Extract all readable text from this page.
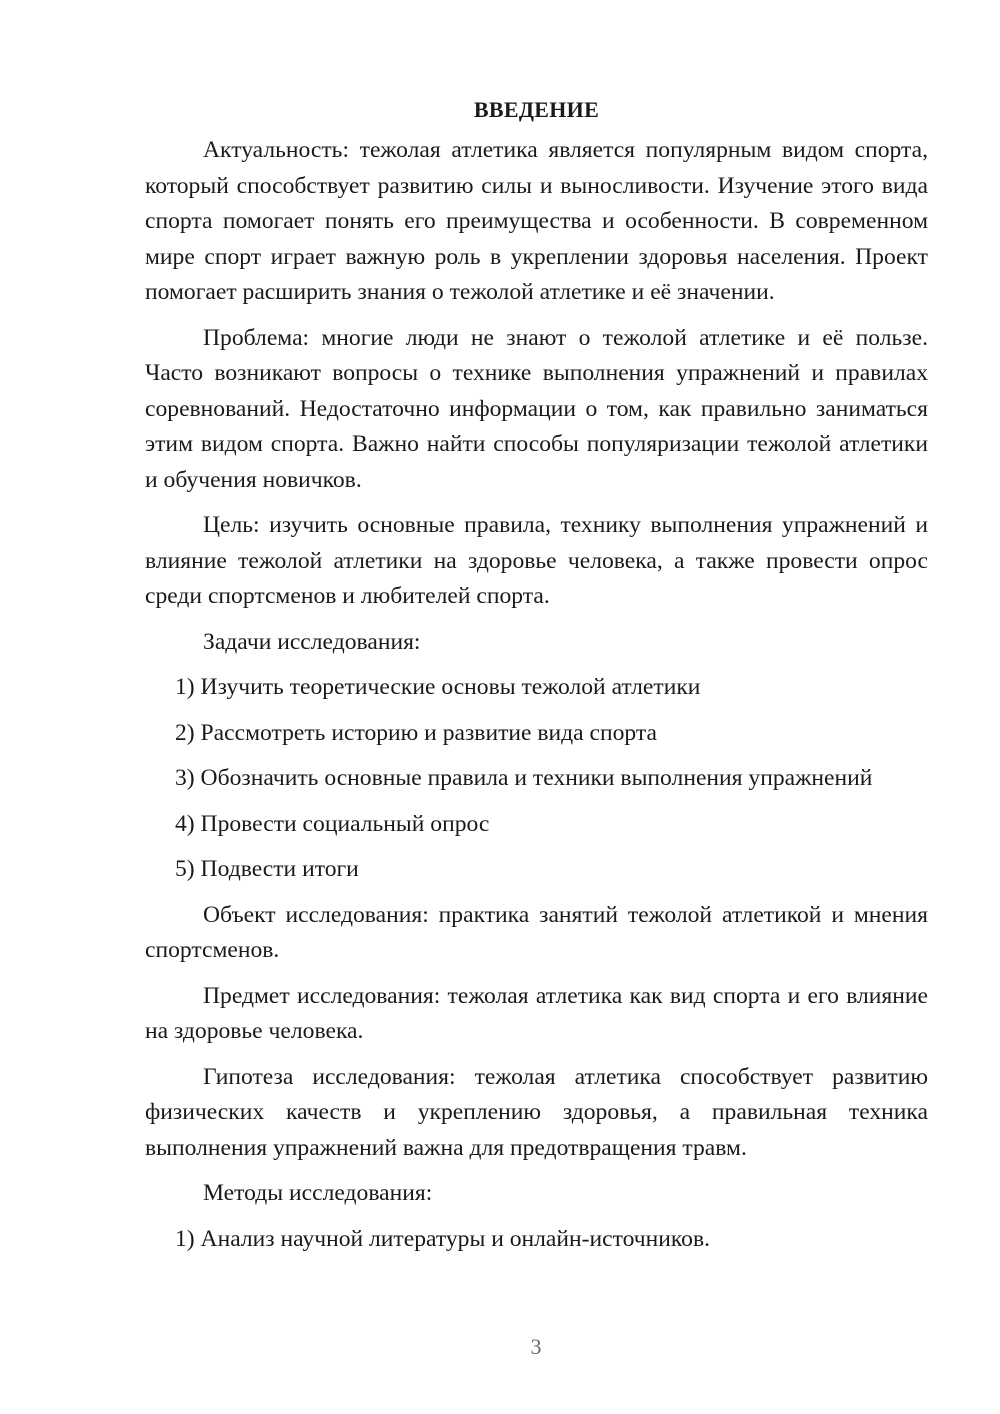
ВВЕДЕНИЕ

Актуальность: тежолая атлетика является популярным видом спорта, который способствует развитию силы и выносливости. Изучение этого вида спорта помогает понять его преимущества и особенности. В современном мире спорт играет важную роль в укреплении здоровья населения. Проект помогает расширить знания о тежолой атлетике и её значении.

Проблема: многие люди не знают о тежолой атлетике и её пользе. Часто возникают вопросы о технике выполнения упражнений и правилах соревнований. Недостаточно информации о том, как правильно заниматься этим видом спорта. Важно найти способы популяризации тежолой атлетики и обучения новичков.

Цель: изучить основные правила, технику выполнения упражнений и влияние тежолой атлетики на здоровье человека, а также провести опрос среди спортсменов и любителей спорта.

Задачи исследования:

1) Изучить теоретические основы тежолой атлетики

2) Рассмотреть историю и развитие вида спорта

3) Обозначить основные правила и техники выполнения упражнений

4) Провести социальный опрос

5) Подвести итоги

Объект исследования: практика занятий тежолой атлетикой и мнения спортсменов.

Предмет исследования: тежолая атлетика как вид спорта и его влияние на здоровье человека.

Гипотеза исследования: тежолая атлетика способствует развитию физических качеств и укреплению здоровья, а правильная техника выполнения упражнений важна для предотвращения травм.

Методы исследования:

1) Анализ научной литературы и онлайн-источников.

3
